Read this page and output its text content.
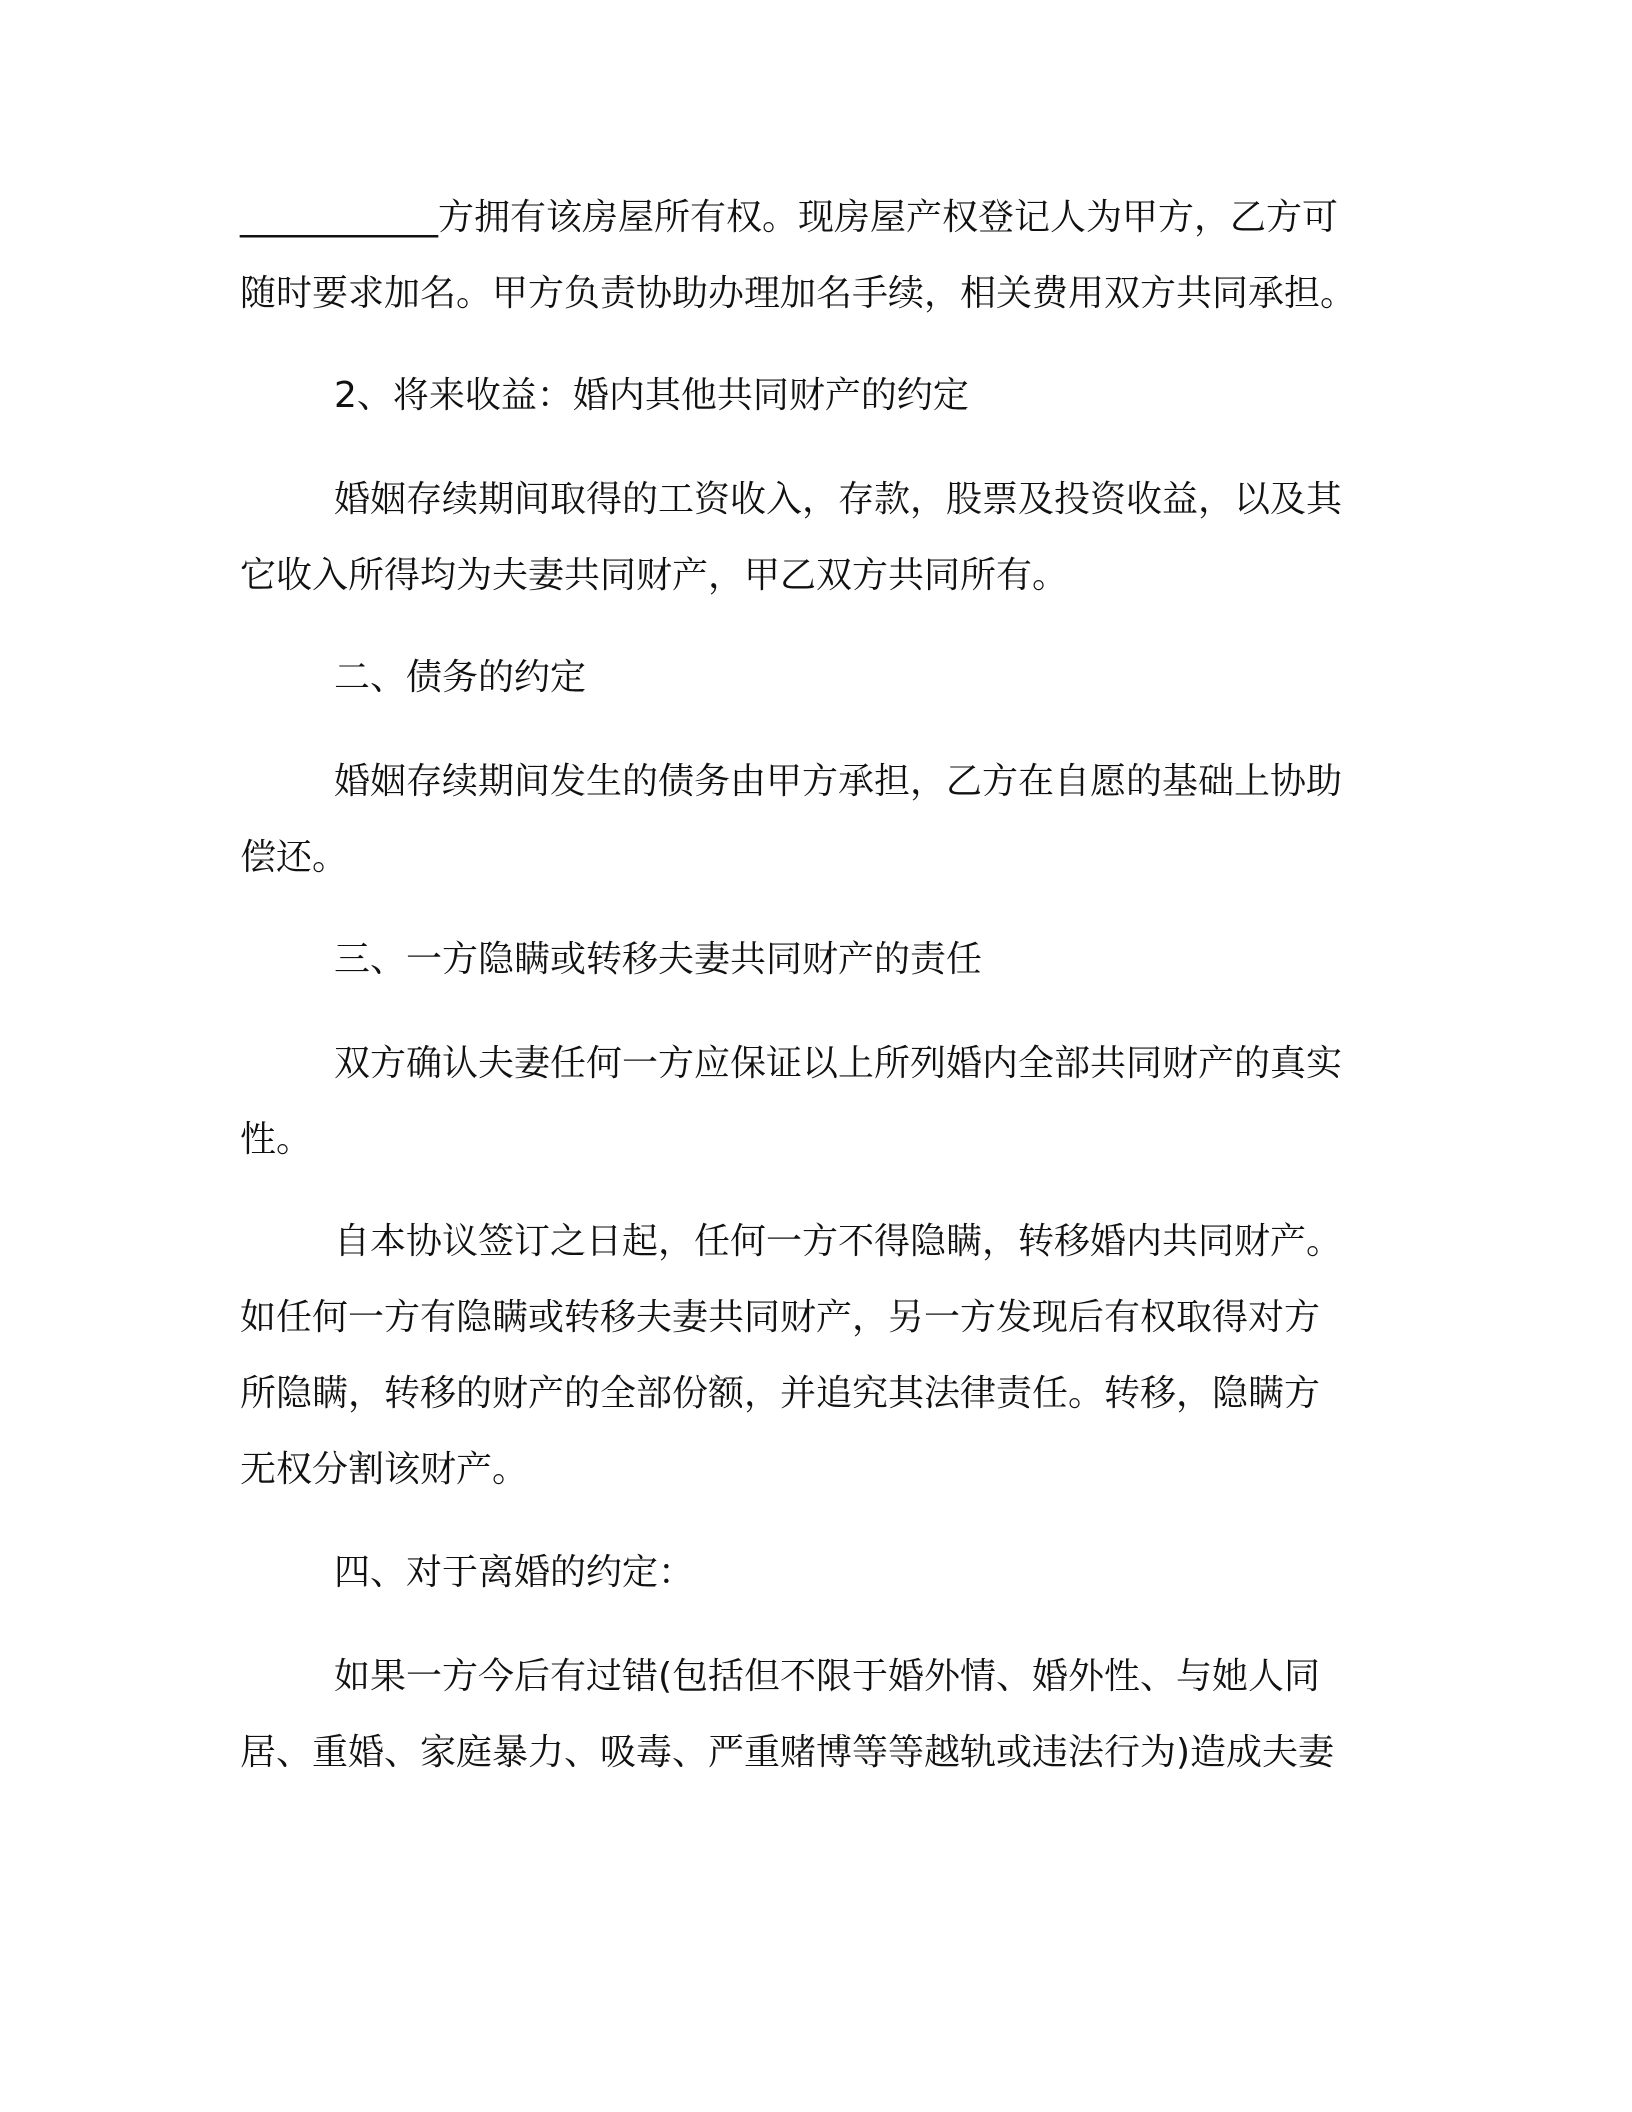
___________方拥有该房屋所有权。现房屋产权登记人为甲方，乙方可
随时要求加名。甲方负责协助办理加名手续，相关费用双方共同承担。

2、将来收益：婚内其他共同财产的约定

婚姻存续期间取得的工资收入，存款，股票及投资收益，以及其
它收入所得均为夫妻共同财产，甲乙双方共同所有。

二、债务的约定

婚姻存续期间发生的债务由甲方承担，乙方在自愿的基础上协助
偿还。

三、一方隐瞒或转移夫妻共同财产的责任

双方确认夫妻任何一方应保证以上所列婚内全部共同财产的真实
性。

自本协议签订之日起，任何一方不得隐瞒，转移婚内共同财产。
如任何一方有隐瞒或转移夫妻共同财产，另一方发现后有权取得对方
所隐瞒，转移的财产的全部份额，并追究其法律责任。转移，隐瞒方
无权分割该财产。

四、对于离婚的约定：

如果一方今后有过错(包括但不限于婚外情、婚外性、与她人同
居、重婚、家庭暴力、吸毒、严重赌博等等越轨或违法行为)造成夫妻
